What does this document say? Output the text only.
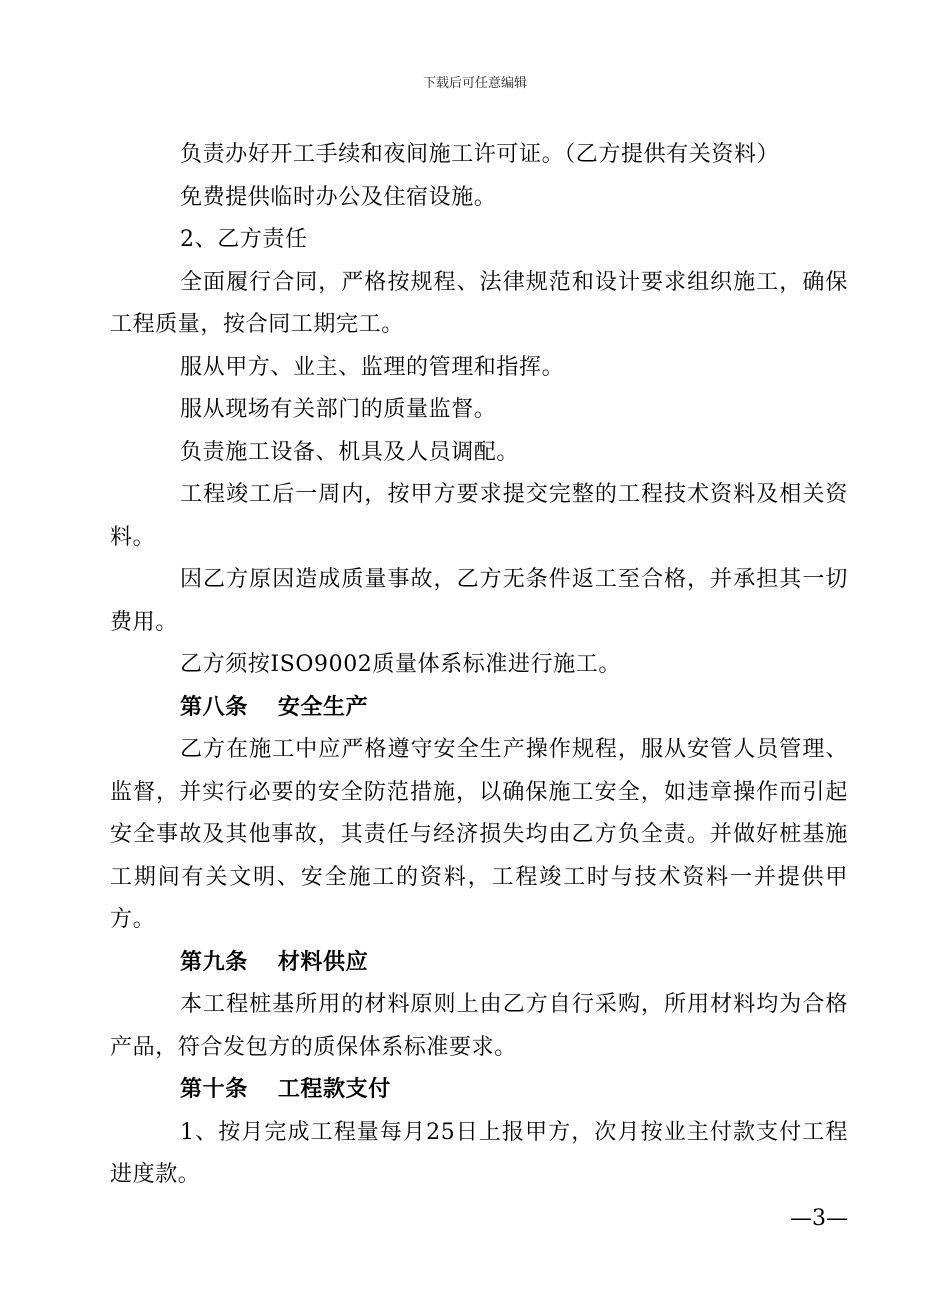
下载后可任意编辑

负责办好开工手续和夜间施工许可证。（乙方提供有关资料）

免费提供临时办公及住宿设施。

2、乙方责任

全面履行合同，严格按规程、法律规范和设计要求组织施工，确保工程质量，按合同工期完工。

服从甲方、业主、监理的管理和指挥。

服从现场有关部门的质量监督。

负责施工设备、机具及人员调配。

工程竣工后一周内，按甲方要求提交完整的工程技术资料及相关资料。

因乙方原因造成质量事故，乙方无条件返工至合格，并承担其一切费用。

乙方须按ISO9002质量体系标准进行施工。

第八条 安全生产

乙方在施工中应严格遵守安全生产操作规程，服从安管人员管理、监督，并实行必要的安全防范措施，以确保施工安全，如违章操作而引起安全事故及其他事故，其责任与经济损失均由乙方负全责。并做好桩基施工期间有关文明、安全施工的资料，工程竣工时与技术资料一并提供甲方。

第九条 材料供应

本工程桩基所用的材料原则上由乙方自行采购，所用材料均为合格产品，符合发包方的质保体系标准要求。

第十条 工程款支付

1、按月完成工程量每月25日上报甲方，次月按业主付款支付工程进度款。

—3—
